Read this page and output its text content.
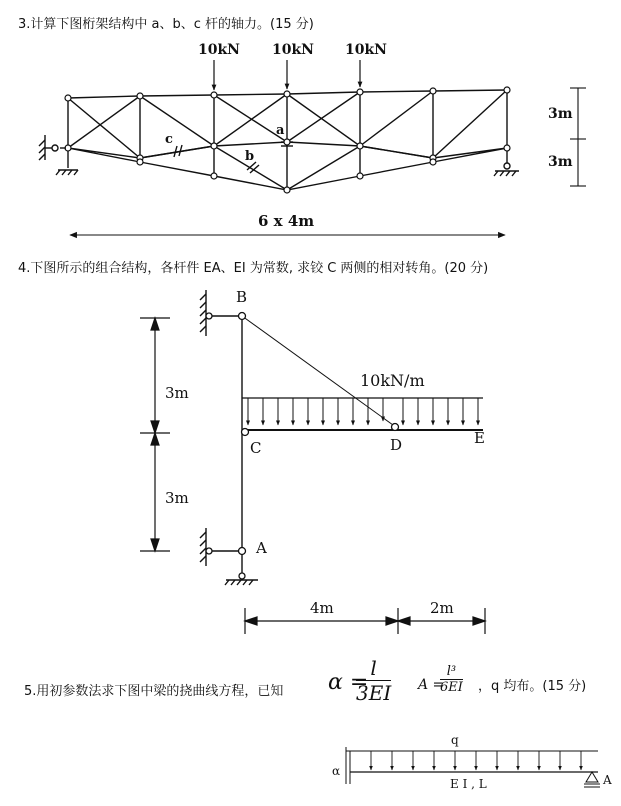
3.计算下图桁架结构中 a、b、c 杆的轴力。(15 分)
4.下图所示的组合结构，各杆件 EA、EI 为常数, 求铰 C 两侧的相对转角。(20 分)
5.用初参数法求下图中梁的挠曲线方程，已知 α =
$\frac{l}{3EI}$ A =
$\frac{\text{l³}}{6EI}$ ，q 均布。(15 分)
10kN 10kN 10kN
a
b
c
3m
3m
6 x 4m
10kN/m
B
C	D	E
A
3m
3m
4m	2m
q
α
E I , L	A
